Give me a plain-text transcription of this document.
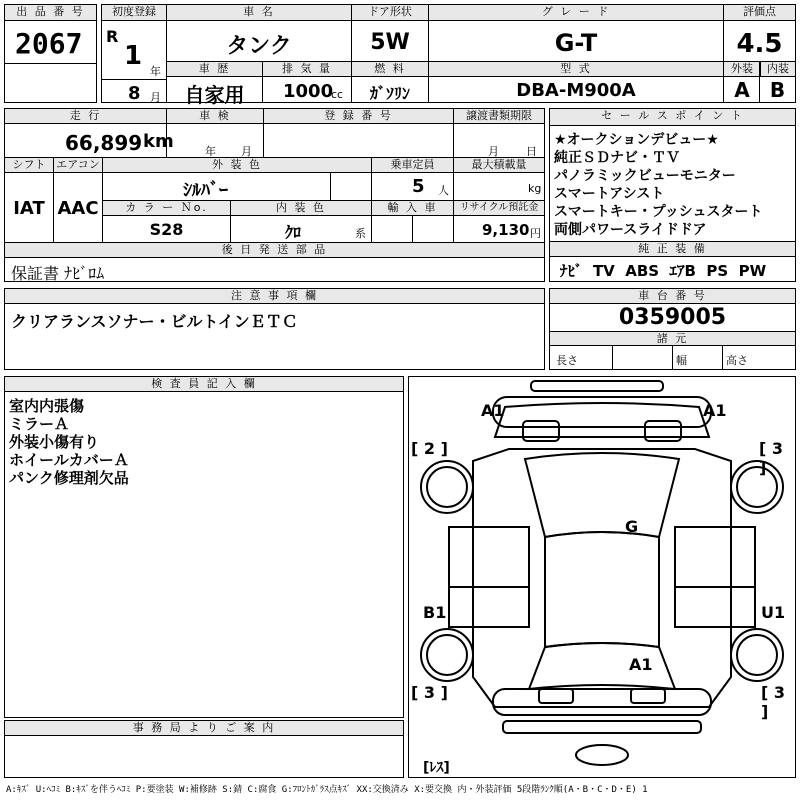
出 品 番 号
2067
初度登録
R
1
年
8 月
車 名
タンク
車 歴
自家用
排 気 量
1000
cc
ドア形状
5W
燃 料
ｶﾞｿﾘﾝ
グ レ ー ド
G-T
型 式
DBA-M900A
評価点
4.5
外装	内装
A	B
走 行
66,899 km
車 検
年 月
登 録 番 号	譲渡書類期限
月 日
シフト
IAT
エアコン
AAC
外 装 色
ｼﾙﾊﾞｰ
乗車定員
5 人
最大積載量
kg
カ ラ ー Ｎo.
S28
内 装 色
ｸﾛ	系
輸 入 車	リサイクル預託金
9,130 円
後 日 発 送 部 品
保証書 ﾅﾋﾞﾛﾑ
セ ー ル ス ポ イ ン ト
★オークションデビュー★
純正ＳＤナビ・ＴＶ
パノラミックビューモニター
スマートアシスト
スマートキー・プッシュスタート
両側パワースライドドア
純 正 装 備
ﾅﾋﾞ  TV  ABS  ｴｱB  PS  PW
注 意 事 項 欄
クリアランスソナー・ビルトインＥＴＣ
車 台 番 号
0359005
諸 元
長さ	幅	高さ
検 査 員 記 入 欄
室内内張傷
ミラーＡ
外装小傷有り
ホイールカバーＡ
パンク修理剤欠品
事 務 局 よ り ご 案 内
A1	A1
[ 2 ]	[ 3 ]
G
B1	U1
A1
[ 3 ]	[ 3 ]
[ﾚｽ]
A:ｷｽﾞ U:ﾍｺﾐ B:ｷｽﾞを伴うﾍｺﾐ P:要塗装 W:補修跡 S:錆 C:腐食 G:ﾌﾛﾝﾄｶﾞﾗｽ点ｷｽﾞ XX:交換済み X:要交換 内・外装評価 5段階ﾗﾝｸ順(A・B・C・D・E) 1
